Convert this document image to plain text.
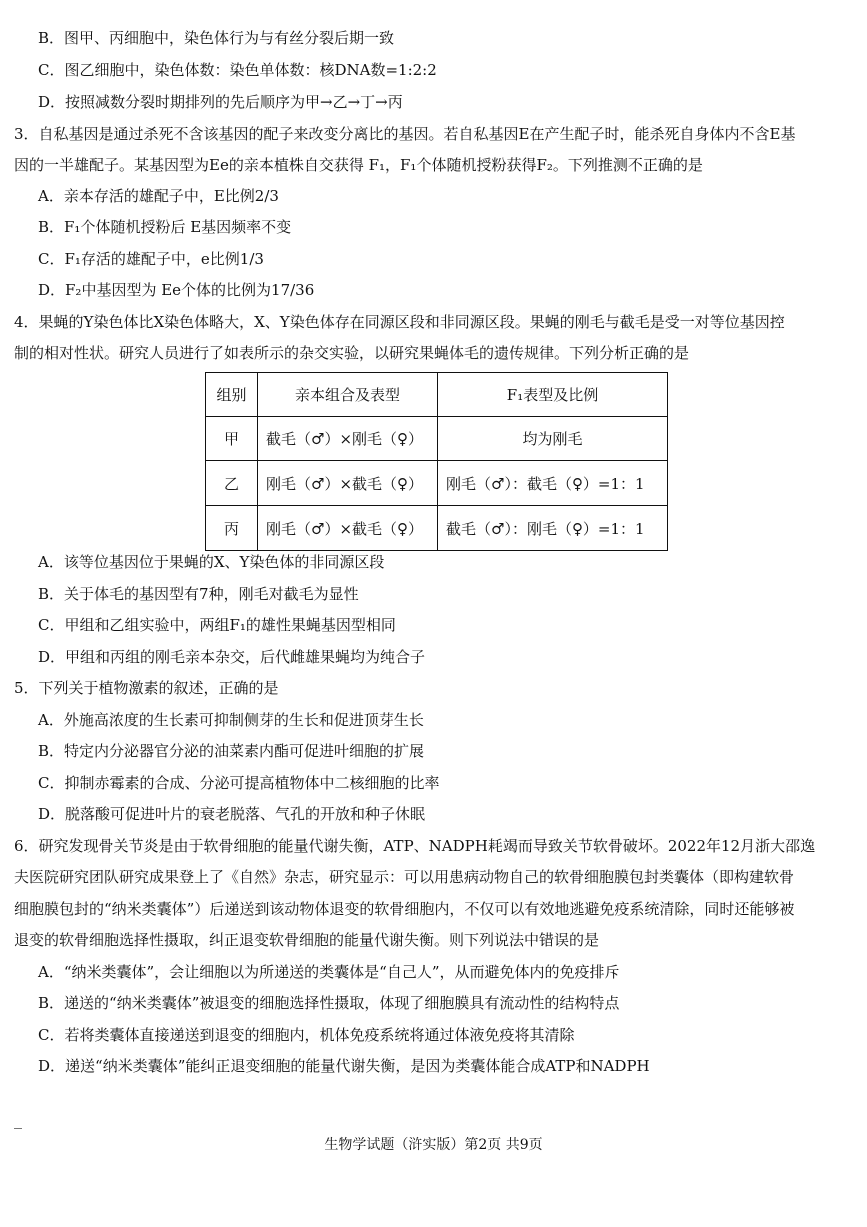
B．图甲、丙细胞中，染色体行为与有丝分裂后期一致
C．图乙细胞中，染色体数：染色单体数：核DNA数=1:2:2
D．按照减数分裂时期排列的先后顺序为甲→乙→丁→丙
3．自私基因是通过杀死不含该基因的配子来改变分离比的基因。若自私基因E在产生配子时，能杀死自身体内不含E基
因的一半雄配子。某基因型为Ee的亲本植株自交获得 F₁，F₁个体随机授粉获得F₂。下列推测不正确的是
A．亲本存活的雄配子中，E比例2/3
B．F₁个体随机授粉后 E基因频率不变
C．F₁存活的雄配子中，e比例1/3
D．F₂中基因型为 Ee个体的比例为17/36
4．果蝇的Y染色体比X染色体略大，X、Y染色体存在同源区段和非同源区段。果蝇的刚毛与截毛是受一对等位基因控
制的相对性状。研究人员进行了如表所示的杂交实验，以研究果蝇体毛的遗传规律。下列分析正确的是
组别	亲本组合及表型	F₁表型及比例
甲	截毛（♂）×刚毛（♀）	均为刚毛
乙	刚毛（♂）×截毛（♀）	刚毛（♂）：截毛（♀）=1：1
丙	刚毛（♂）×截毛（♀）	截毛（♂）：刚毛（♀）=1：1
A．该等位基因位于果蝇的X、Y染色体的非同源区段
B．关于体毛的基因型有7种，刚毛对截毛为显性
C．甲组和乙组实验中，两组F₁的雄性果蝇基因型相同
D．甲组和丙组的刚毛亲本杂交，后代雌雄果蝇均为纯合子
5．下列关于植物激素的叙述，正确的是
A．外施高浓度的生长素可抑制侧芽的生长和促进顶芽生长
B．特定内分泌器官分泌的油菜素内酯可促进叶细胞的扩展
C．抑制赤霉素的合成、分泌可提高植物体中二核细胞的比率
D．脱落酸可促进叶片的衰老脱落、气孔的开放和种子休眠
6．研究发现骨关节炎是由于软骨细胞的能量代谢失衡，ATP、NADPH耗竭而导致关节软骨破坏。2022年12月浙大邵逸
夫医院研究团队研究成果登上了《自然》杂志，研究显示：可以用患病动物自己的软骨细胞膜包封类囊体（即构建软骨
细胞膜包封的“纳米类囊体”）后递送到该动物体退变的软骨细胞内，不仅可以有效地逃避免疫系统清除，同时还能够被
退变的软骨细胞选择性摄取，纠正退变软骨细胞的能量代谢失衡。则下列说法中错误的是
A．“纳米类囊体”，会让细胞以为所递送的类囊体是“自己人”，从而避免体内的免疫排斥
B．递送的“纳米类囊体”被退变的细胞选择性摄取，体现了细胞膜具有流动性的结构特点
C．若将类囊体直接递送到退变的细胞内，机体免疫系统将通过体液免疫将其清除
D．递送“纳米类囊体”能纠正退变细胞的能量代谢失衡，是因为类囊体能合成ATP和NADPH
生物学试题（浒实版）第2页 共9页
